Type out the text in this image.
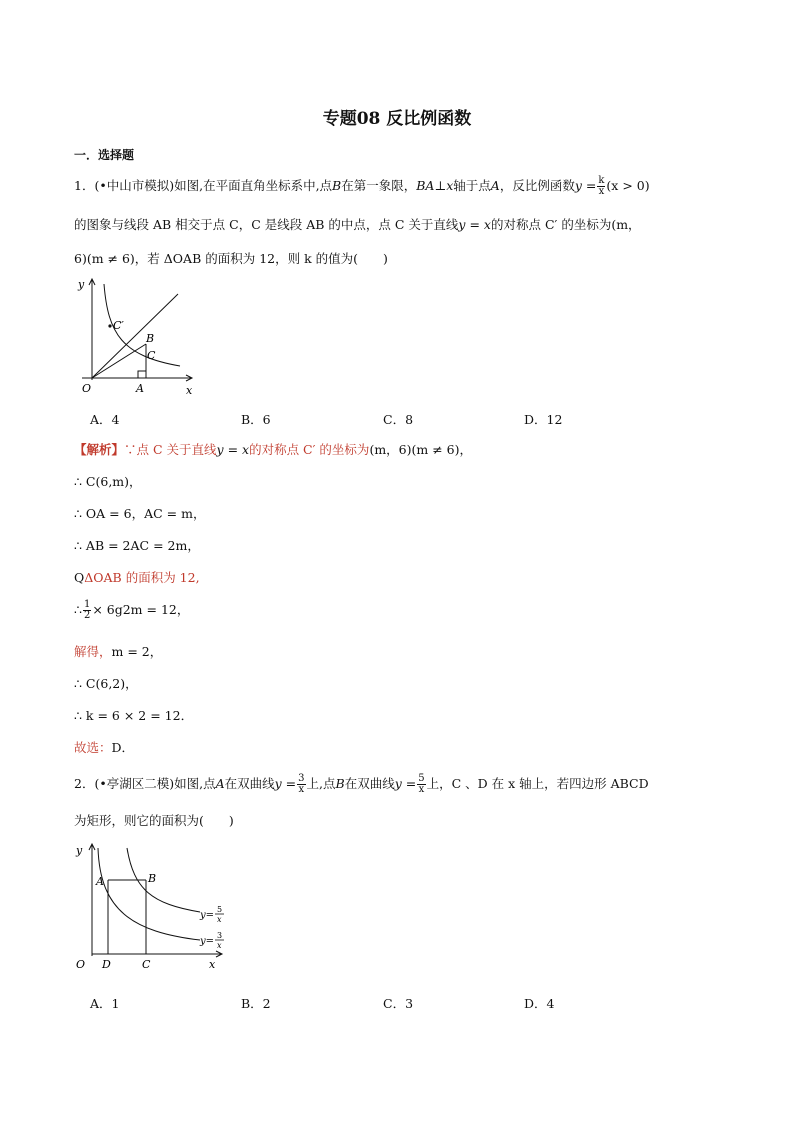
专题08 反比例函数
一．选择题
1．(•中山市模拟)如图,在平面直角坐标系中,点B在第一象限，BA⊥x轴于点A，反比例函数$y = \frac{k}{x} (x > 0)$
的图象与线段 AB 相交于点 C，C 是线段 AB 的中点，点 C 关于直线y = x的对称点 C′ 的坐标为(m，
6)(m ≠ 6)，若 ΔOAB 的面积为 12，则 k 的值为(　　)
y
x
O	A
B
C
C′
A．4	B．6	C．8	D．12
【解析】∵点 C 关于直线y = x的对称点 C′ 的坐标为(m，6)(m ≠ 6)，
∴ C(6,m)，
∴ OA = 6，AC = m，
∴ AB = 2AC = 2m，
QΔOAB 的面积为 12,
∴ $\frac{1}{2} \times 6g2m = 12$，
解得，m = 2，
∴ C(6,2)，
∴ k = 6 × 2 = 12．
故选：D．
2．(•亭湖区二模)如图,点A在双曲线$y = \frac{3}{x}$ 上,点B在双曲线$y = \frac{5}{x}$ 上，C 、D 在 x 轴上，若四边形 ABCD
为矩形，则它的面积为(　　)
y
x
O
A	B
C
D
y=
5
x
y=
3
x
A．1	B．2	C．3	D．4
